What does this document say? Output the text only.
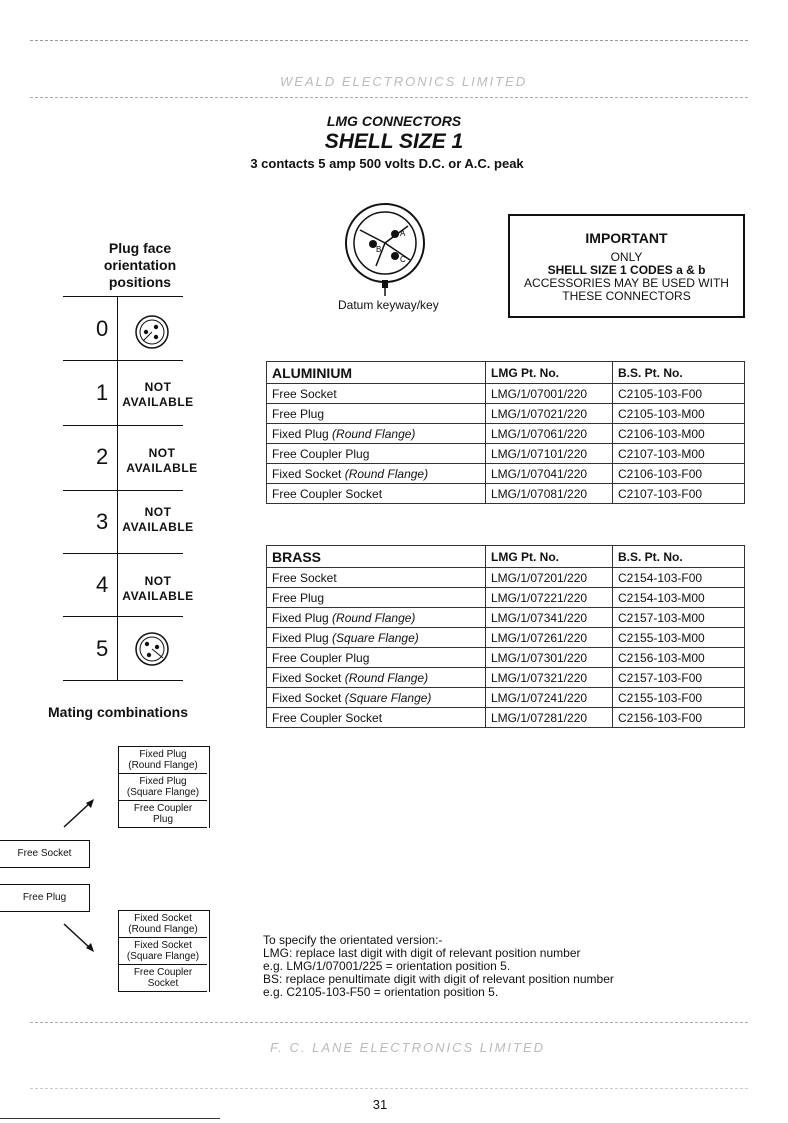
WEALD ELECTRONICS LIMITED
LMG CONNECTORS
SHELL SIZE 1
3 contacts 5 amp 500 volts D.C. or A.C. peak
A
B
C
Datum keyway/key
IMPORTANT
ONLY
SHELL SIZE 1 CODES a & b
ACCESSORIES MAY BE USED WITH
THESE CONNECTORS
Plug face
orientation
positions
0
1	NOT
AVAILABLE
2	NOT
AVAILABLE
3	NOT
AVAILABLE
4	NOT
AVAILABLE
5
ALUMINIUM	LMG Pt. No.	B.S. Pt. No.
Free Socket	LMG/1/07001/220	C2105-103-F00
Free Plug	LMG/1/07021/220	C2105-103-M00
Fixed Plug (Round Flange)	LMG/1/07061/220	C2106-103-M00
Free Coupler Plug	LMG/1/07101/220	C2107-103-M00
Fixed Socket (Round Flange)	LMG/1/07041/220	C2106-103-F00
Free Coupler Socket	LMG/1/07081/220	C2107-103-F00
BRASS	LMG Pt. No.	B.S. Pt. No.
Free Socket	LMG/1/07201/220	C2154-103-F00
Free Plug	LMG/1/07221/220	C2154-103-M00
Fixed Plug (Round Flange)	LMG/1/07341/220	C2157-103-M00
Fixed Plug (Square Flange)	LMG/1/07261/220	C2155-103-M00
Free Coupler Plug	LMG/1/07301/220	C2156-103-M00
Fixed Socket (Round Flange)	LMG/1/07321/220	C2157-103-F00
Fixed Socket (Square Flange)	LMG/1/07241/220	C2155-103-F00
Free Coupler Socket	LMG/1/07281/220	C2156-103-F00
Mating combinations
Fixed Plug
(Round Flange)
Fixed Plug
(Square Flange)
Free Coupler
Plug
Free Socket
Free Plug
Fixed Socket
(Round Flange)
Fixed Socket
(Square Flange)
Free Coupler
Socket
To specify the orientated version:-
LMG: replace last digit with digit of relevant position number
e.g. LMG/1/07001/225 = orientation position 5.
BS: replace penultimate digit with digit of relevant position number
e.g. C2105-103-F50 = orientation position 5.
F. C. LANE ELECTRONICS LIMITED
31
